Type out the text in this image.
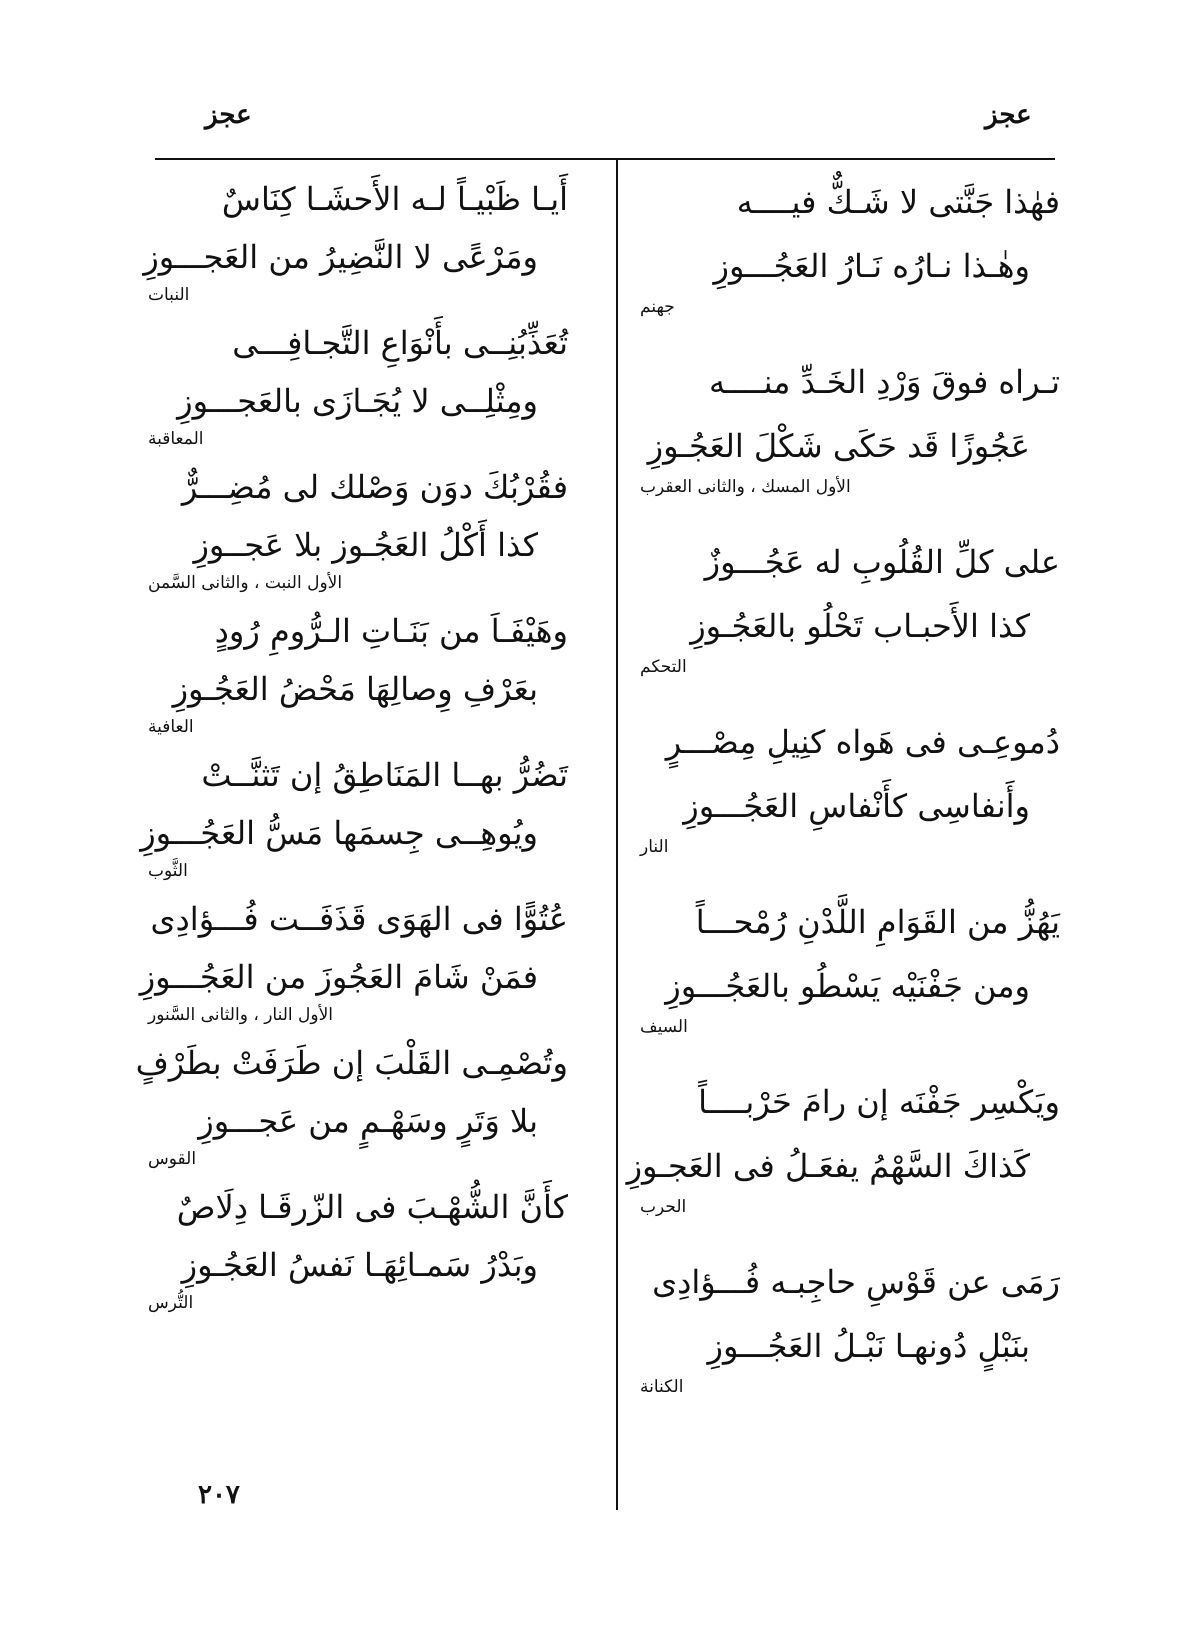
عجز
عجز
فهٰذا جَنَّتى لا شَـكٌّ فيــــه
وهٰـذا نـارُه نَـارُ العَجُـــوزِ
جهنم
تـراه فوقَ وَرْدِ الخَـدِّ منــــه
عَجُوزًا قَد حَكَى شَكْلَ العَجُـوزِ
الأول المسك ، والثانى العقرب
على كلِّ القُلُوبِ له عَجُـــوزٌ
كذا الأَحبـاب تَحْلُو بالعَجُـوزِ
التحكم
دُموعِـى فى هَواه كنِيلِ مِصْـــرٍ
وأَنفاسِى كأَنْفاسِ العَجُـــوزِ
النار
يَهُزُّ من القَوَامِ اللَّدْنِ رُمْحـــاً
ومن جَفْنَيْه يَسْطُو بالعَجُـــوزِ
السيف
ويَكْسِر جَفْنَه إن رامَ حَرْبــــاً
كَذاكَ السَّهْمُ يفعَـلُ فى العَجـوزِ
الحرب
رَمَى عن قَوْسِ حاجِبـه فُـــؤادِى
بنَبْلٍ دُونهـا نَبْـلُ العَجُـــوزِ
الكنانة
أَيـا ظَبْيـاً لـه الأَحشَـا كِنَاسٌ
ومَرْعًى لا النَّضِيرُ من العَجـــوزِ
النبات
تُعَذِّبُنِــى بأَنْوَاعِ التَّجـافِـــى
ومِثْلِــى لا يُجَـازَى بالعَجـــوزِ
المعاقبة
فقُرْبُكَ دوَن وَصْلك لى مُضِـــرٌّ
كذا أَكْلُ العَجُـوز بلا عَجــوزِ
الأول النبت ، والثانى السَّمن
وهَيْفَـاَ من بَنَـاتِ الـرُّومِ رُودٍ
بعَرْفِ وِصالِهَا مَحْضُ العَجُـوزِ
العافية
تَضُرُّ بهــا المَنَاطِقُ إن تَثنَّــتْ
ويُوهِــى جِسمَها مَسُّ العَجُـــوزِ
الثَّوب
عُتُوًّا فى الهَوَى قَذَفَــت فُـــؤادِى
فمَنْ شَامَ العَجُوزَ من العَجُـــوزِ
الأول النار ، والثانى السَّنور
وتُصْمِـى القَلْبَ إن طَرَفَتْ بطَرْفٍ
بلا وَتَرٍ وسَهْـمٍ من عَجـــوزِ
القوس
كأَنَّ الشُّهْـبَ فى الزّرقَـا دِلَاصٌ
وبَدْرُ سَمـائِهَـا نَفسُ العَجُـوزِ
التُّرس
٢٠٧
